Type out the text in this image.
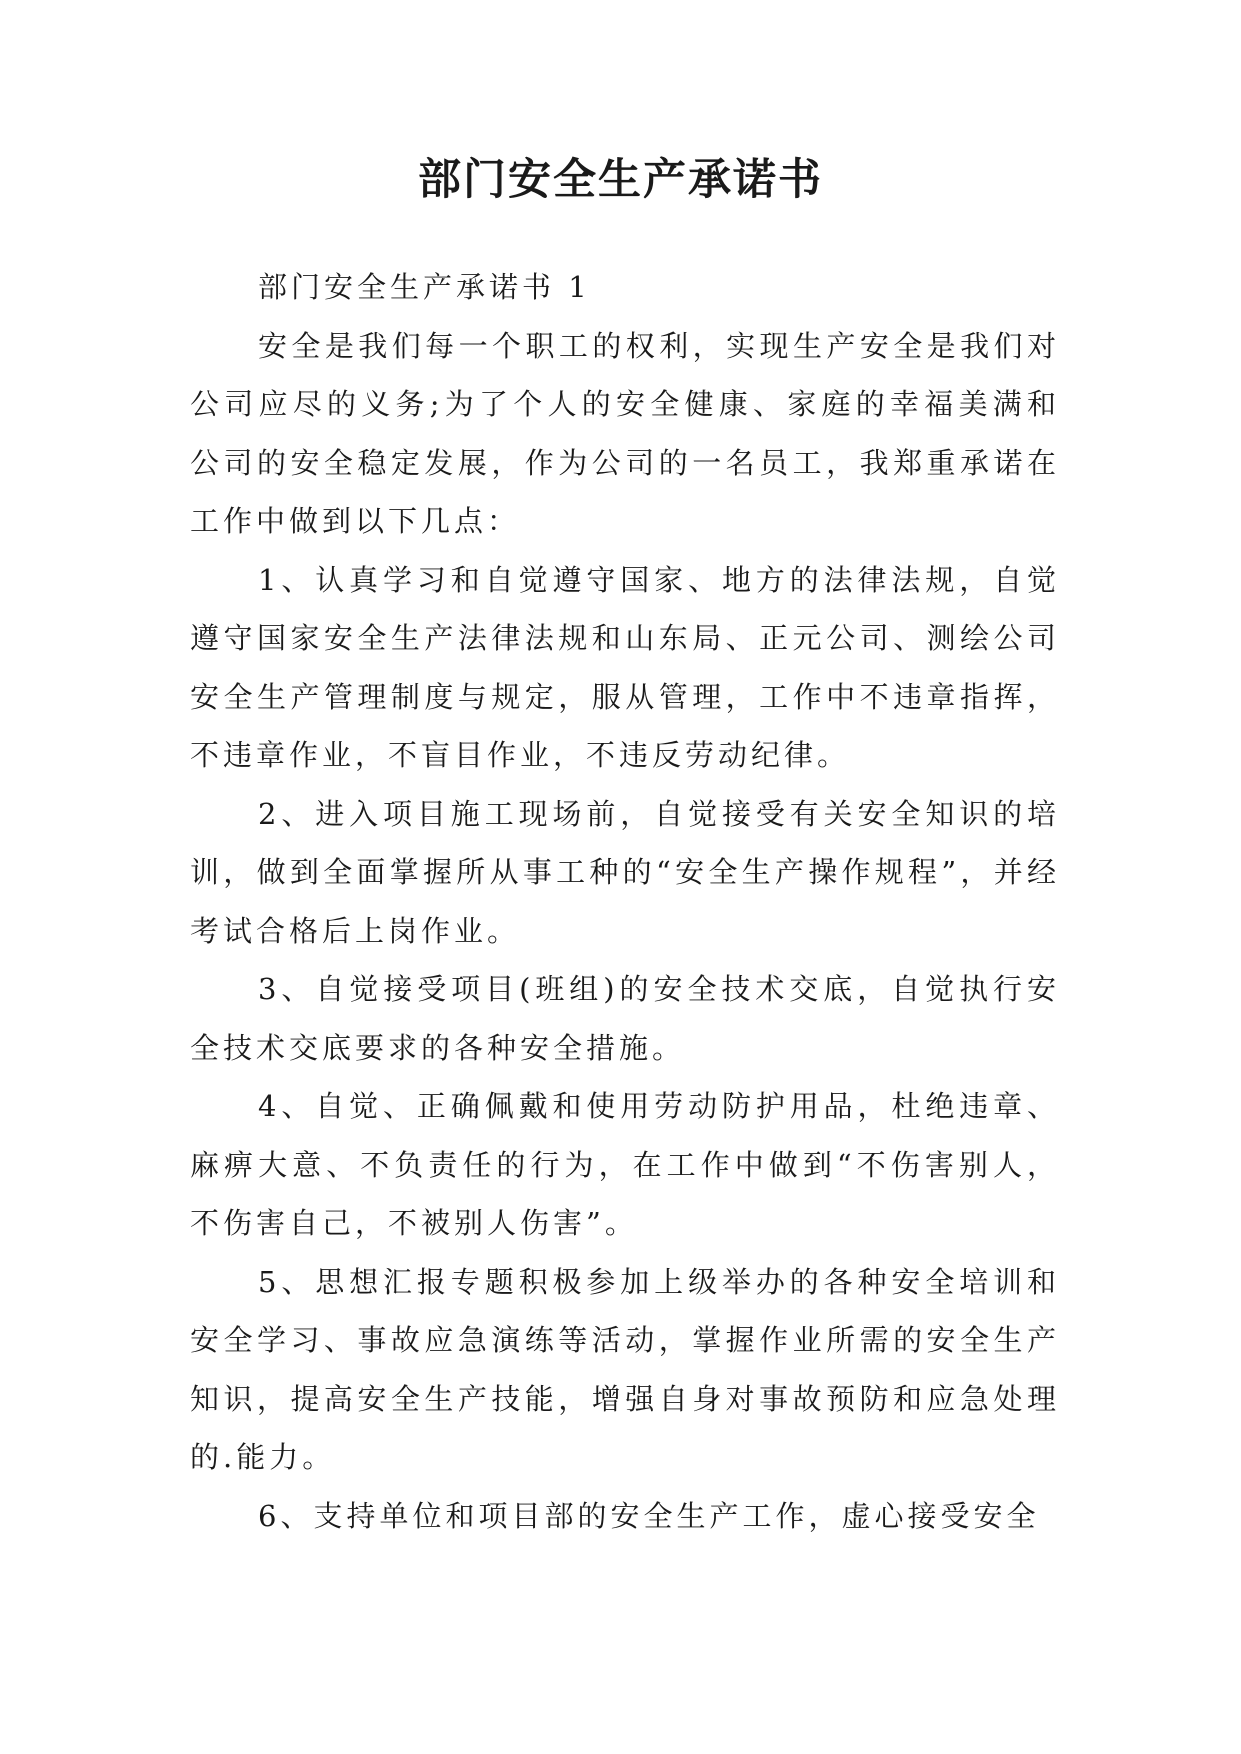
部门安全生产承诺书

部门安全生产承诺书 1

安全是我们每一个职工的权利，实现生产安全是我们对公司应尽的义务;为了个人的安全健康、家庭的幸福美满和公司的安全稳定发展，作为公司的一名员工，我郑重承诺在工作中做到以下几点：

1、认真学习和自觉遵守国家、地方的法律法规，自觉遵守国家安全生产法律法规和山东局、正元公司、测绘公司安全生产管理制度与规定，服从管理，工作中不违章指挥，不违章作业，不盲目作业，不违反劳动纪律。

2、进入项目施工现场前，自觉接受有关安全知识的培训，做到全面掌握所从事工种的“安全生产操作规程”，并经考试合格后上岗作业。

3、自觉接受项目(班组)的安全技术交底，自觉执行安全技术交底要求的各种安全措施。

4、自觉、正确佩戴和使用劳动防护用品，杜绝违章、麻痹大意、不负责任的行为，在工作中做到“不伤害别人，不伤害自己，不被别人伤害”。

5、思想汇报专题积极参加上级举办的各种安全培训和安全学习、事故应急演练等活动，掌握作业所需的安全生产知识，提高安全生产技能，增强自身对事故预防和应急处理的.能力。

6、支持单位和项目部的安全生产工作，虚心接受安全
